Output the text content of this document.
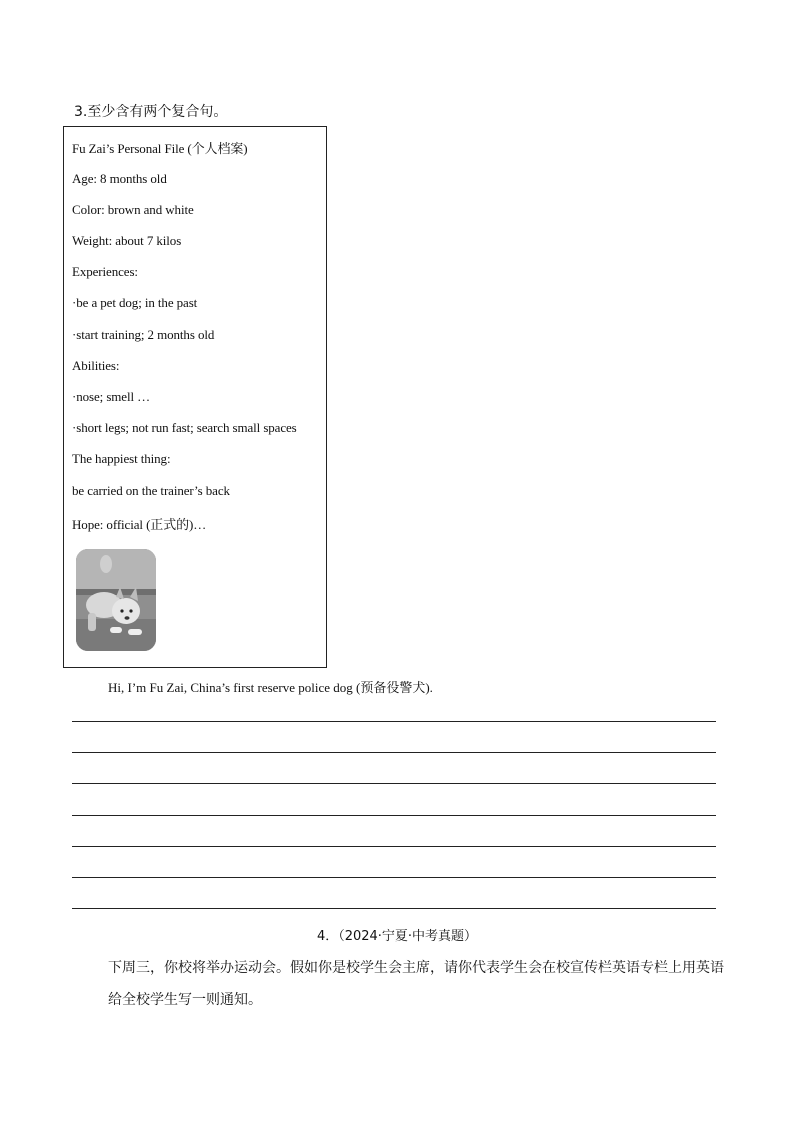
3.至少含有两个复合句。
Fu Zai’s Personal File (个人档案)
Age: 8 months old
Color: brown and white
Weight: about 7 kilos
Experiences:
·be a pet dog; in the past
·start training; 2 months old
Abilities:
·nose; smell …
·short legs; not run fast; search small spaces
The happiest thing:
be carried on the trainer’s back
Hope: official (正式的)…
Hi, I’m Fu Zai, China’s first reserve police dog (预备役警犬).
4．（2024·宁夏·中考真题）
下周三，你校将举办运动会。假如你是校学生会主席，请你代表学生会在校宣传栏英语专栏上用英语
给全校学生写一则通知。
